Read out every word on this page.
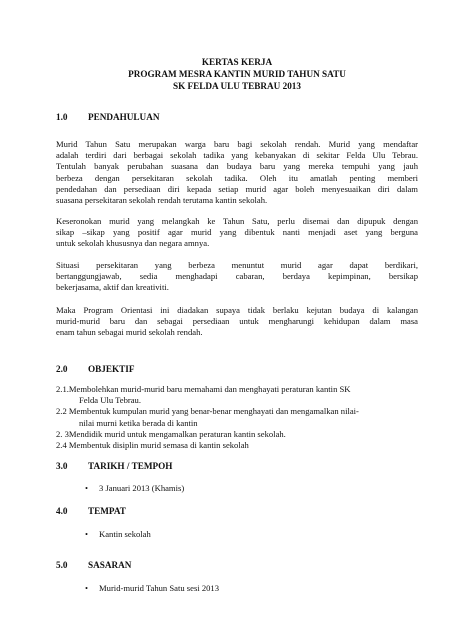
KERTAS KERJA
PROGRAM MESRA KANTIN MURID TAHUN SATU
SK FELDA ULU TEBRAU 2013
1.0 PENDAHULUAN
Murid Tahun Satu merupakan warga baru bagi sekolah rendah. Murid yang mendaftar
adalah terdiri dari berbagai sekolah tadika yang kebanyakan di sekitar Felda Ulu Tebrau.
Tentulah banyak perubahan suasana dan budaya baru yang mereka tempuhi yang jauh
berbeza dengan persekitaran sekolah tadika. Oleh itu amatlah penting memberi
pendedahan dan persediaan diri kepada setiap murid agar boleh menyesuaikan diri dalam
suasana persekitaran sekolah rendah terutama kantin sekolah.
Keseronokan murid yang melangkah ke Tahun Satu, perlu disemai dan dipupuk dengan
sikap –sikap yang positif agar murid yang dibentuk nanti menjadi aset yang berguna
untuk sekolah khususnya dan negara amnya.
Situasi persekitaran yang berbeza menuntut murid agar dapat berdikari,
bertanggungjawab, sedia menghadapi cabaran, berdaya kepimpinan, bersikap
bekerjasama, aktif dan kreativiti.
Maka Program Orientasi ini diadakan supaya tidak berlaku kejutan budaya di kalangan
murid-murid baru dan sebagai persediaan untuk mengharungi kehidupan dalam masa
enam tahun sebagai murid sekolah rendah.
2.0 OBJEKTIF
2.1.Membolehkan murid-murid baru memahami dan menghayati peraturan kantin SK
Felda Ulu Tebrau.
2.2 Membentuk kumpulan murid yang benar-benar menghayati dan mengamalkan nilai-
nilai murni ketika berada di kantin
2. 3Mendidik murid untuk mengamalkan peraturan kantin sekolah.
2.4 Membentuk disiplin murid semasa di kantin sekolah
3.0 TARIKH / TEMPOH
• 3 Januari 2013 (Khamis)
4.0 TEMPAT
• Kantin sekolah
5.0 SASARAN
• Murid-murid Tahun Satu sesi 2013
